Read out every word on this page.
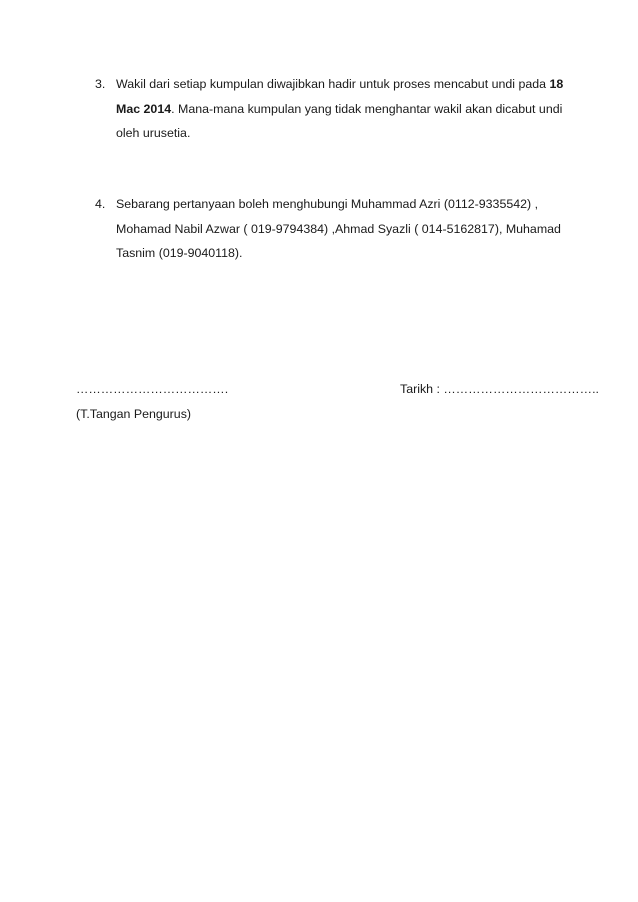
3. Wakil dari setiap kumpulan diwajibkan hadir untuk proses mencabut undi pada 18
Mac 2014. Mana-mana kumpulan yang tidak menghantar wakil akan dicabut undi
oleh urusetia.
4. Sebarang pertanyaan boleh menghubungi Muhammad Azri (0112-9335542) ,
Mohamad Nabil Azwar ( 019-9794384) ,Ahmad Syazli ( 014-5162817), Muhamad
Tasnim (019-9040118).
……………………………….
(T.Tangan Pengurus)
Tarikh : ………………………………..
